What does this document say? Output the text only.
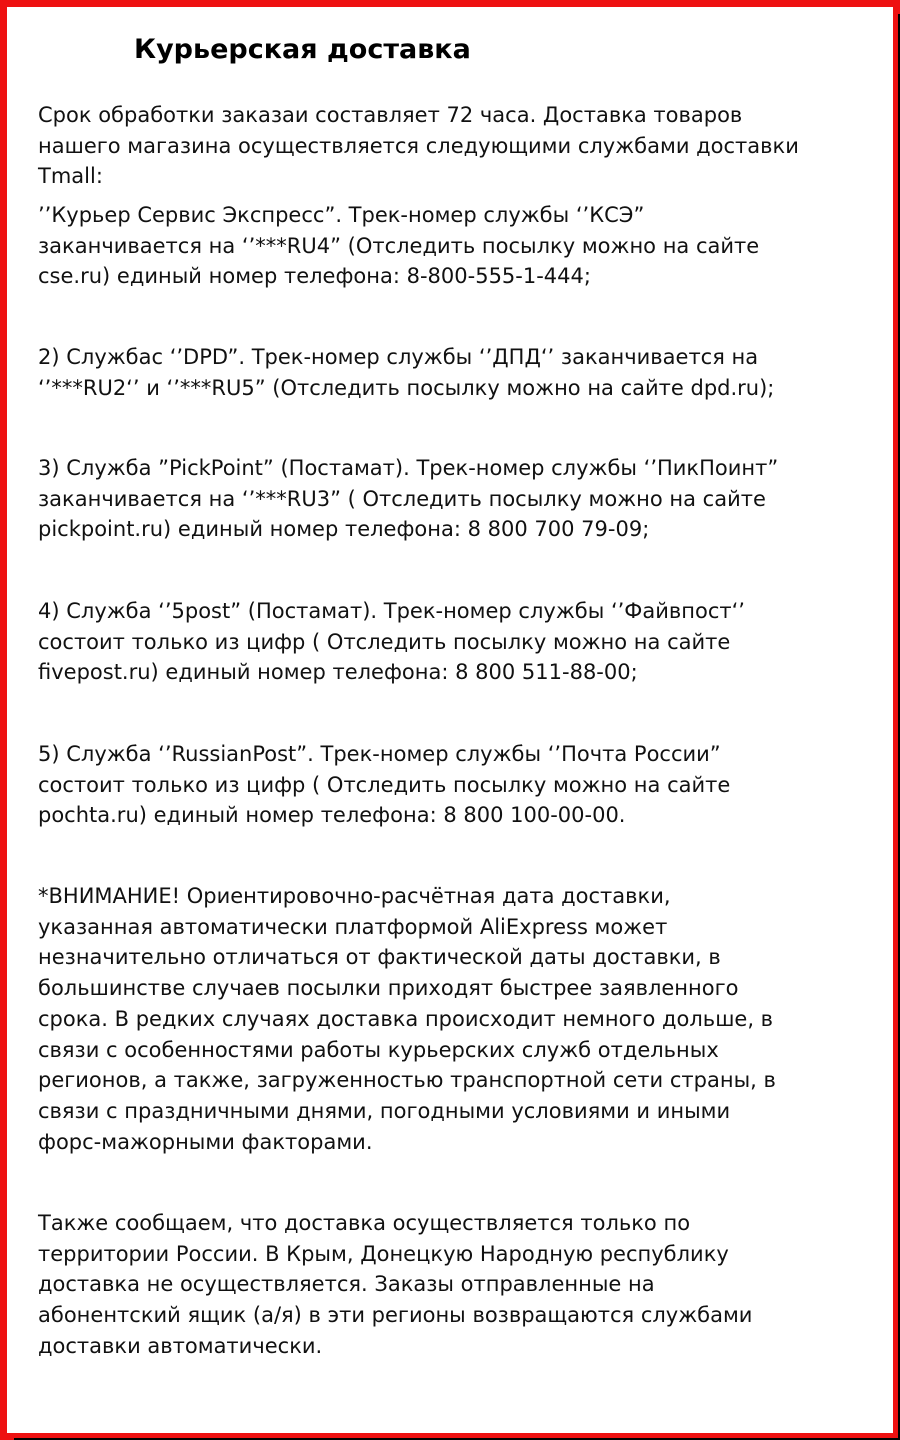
Курьерская доставка

Срок обработки заказаи составляет 72 часа. Доставка товаров
нашего магазина осуществляется следующими службами доставки
Tmall:

’’Курьер Сервис Экспресс”. Трек-номер службы ‘’КСЭ”
заканчивается на ‘’***RU4” (Отследить посылку можно на сайте
cse.ru) единый номер телефона: 8-800-555-1-444;

2) Службас ‘’DPD”. Трек-номер службы ‘’ДПД‘’ заканчивается на
‘’***RU2‘’ и ‘’***RU5” (Отследить посылку можно на сайте dpd.ru);

3) Служба ”PickPoint” (Постамат). Трек-номер службы ‘’ПикПоинт”
заканчивается на ‘’***RU3” ( Отследить посылку можно на сайте
pickpoint.ru) единый номер телефона: 8 800 700 79-09;

4) Служба ‘’5post” (Постамат). Трек-номер службы ‘’Файвпост‘’
состоит только из цифр ( Отследить посылку можно на сайте
fivepost.ru) единый номер телефона: 8 800 511-88-00;

5) Служба ‘’RussianPost”. Трек-номер службы ‘’Почта России”
состоит только из цифр ( Отследить посылку можно на сайте
pochta.ru) единый номер телефона: 8 800 100-00-00.

*ВНИМАНИЕ! Ориентировочно-расчётная дата доставки,
указанная автоматически платформой AliExpress может
незначительно отличаться от фактической даты доставки, в
большинстве случаев посылки приходят быстрее заявленного
срока. В редких случаях доставка происходит немного дольше, в
связи с особенностями работы курьерских служб отдельных
регионов, а также, загруженностью транспортной сети страны, в
связи с праздничными днями, погодными условиями и иными
форс-мажорными факторами.

Также сообщаем, что доставка осуществляется только по
территории России. В Крым, Донецкую Народную республику
доставка не осуществляется. Заказы отправленные на
абонентский ящик (а/я) в эти регионы возвращаются службами
доставки автоматически.
